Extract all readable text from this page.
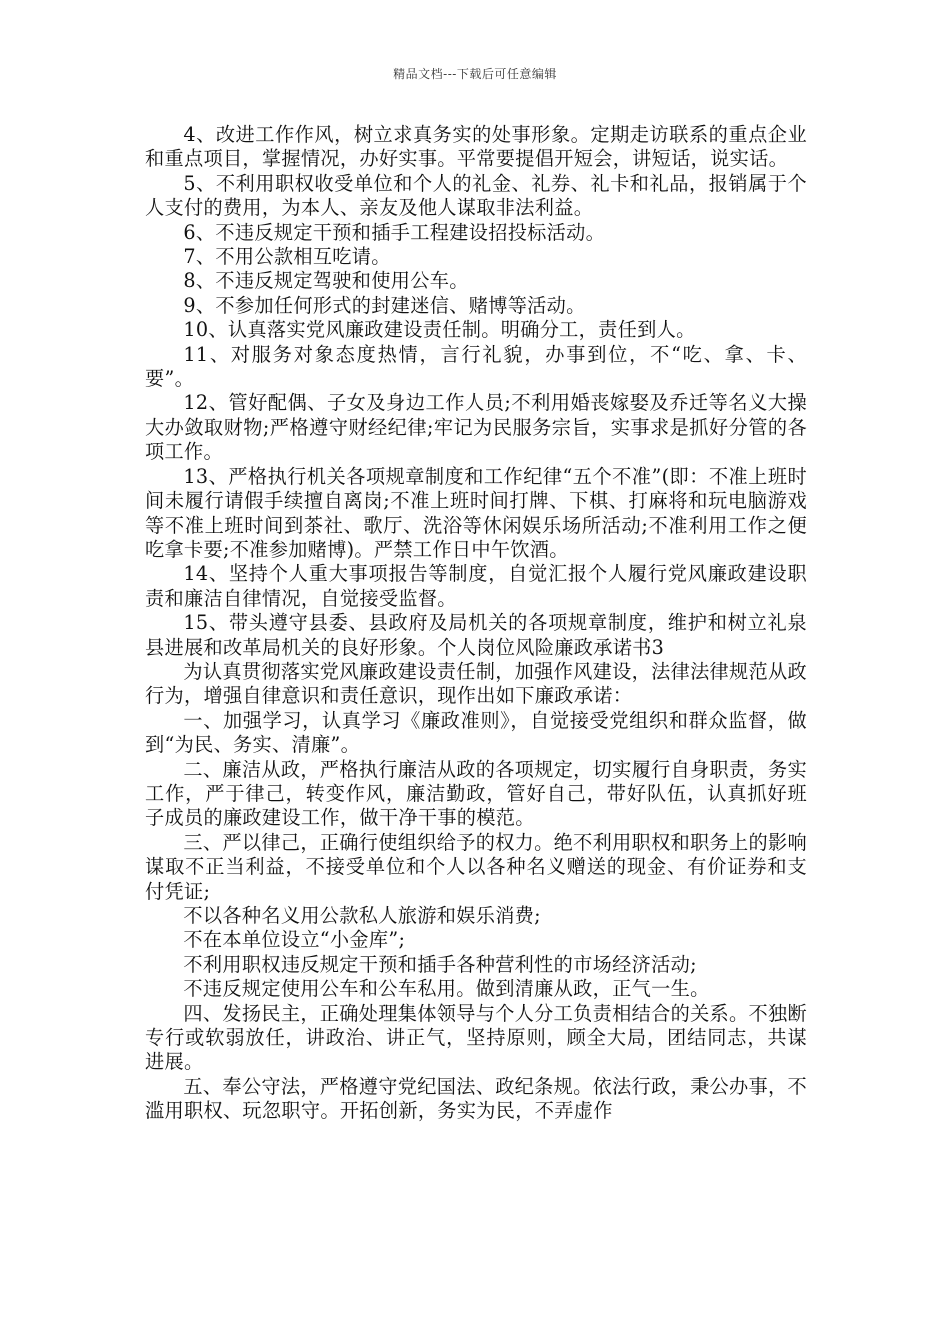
精品文档---下载后可任意编辑

4、改进工作作风，树立求真务实的处事形象。定期走访联系的重点企业和重点项目，掌握情况，办好实事。平常要提倡开短会，讲短话，说实话。

5、不利用职权收受单位和个人的礼金、礼券、礼卡和礼品，报销属于个人支付的费用，为本人、亲友及他人谋取非法利益。

6、不违反规定干预和插手工程建设招投标活动。

7、不用公款相互吃请。

8、不违反规定驾驶和使用公车。

9、不参加任何形式的封建迷信、赌博等活动。

10、认真落实党风廉政建设责任制。明确分工，责任到人。

11、对服务对象态度热情，言行礼貌，办事到位，不“吃、拿、卡、要”。

12、管好配偶、子女及身边工作人员;不利用婚丧嫁娶及乔迁等名义大操大办敛取财物;严格遵守财经纪律;牢记为民服务宗旨，实事求是抓好分管的各项工作。

13、严格执行机关各项规章制度和工作纪律“五个不准”(即：不准上班时间未履行请假手续擅自离岗;不准上班时间打牌、下棋、打麻将和玩电脑游戏等不准上班时间到茶社、歌厅、洗浴等休闲娱乐场所活动;不准利用工作之便吃拿卡要;不准参加赌博)。严禁工作日中午饮酒。

14、坚持个人重大事项报告等制度，自觉汇报个人履行党风廉政建设职责和廉洁自律情况，自觉接受监督。

15、带头遵守县委、县政府及局机关的各项规章制度，维护和树立礼泉县进展和改革局机关的良好形象。个人岗位风险廉政承诺书3

为认真贯彻落实党风廉政建设责任制，加强作风建设，法律法律规范从政行为，增强自律意识和责任意识，现作出如下廉政承诺：

一、加强学习，认真学习《廉政准则》，自觉接受党组织和群众监督，做到“为民、务实、清廉”。

二、廉洁从政，严格执行廉洁从政的各项规定，切实履行自身职责，务实工作，严于律己，转变作风，廉洁勤政，管好自己，带好队伍，认真抓好班子成员的廉政建设工作，做干净干事的模范。

三、严以律己，正确行使组织给予的权力。绝不利用职权和职务上的影响谋取不正当利益，不接受单位和个人以各种名义赠送的现金、有价证券和支付凭证;

不以各种名义用公款私人旅游和娱乐消费;

不在本单位设立“小金库”;

不利用职权违反规定干预和插手各种营利性的市场经济活动;

不违反规定使用公车和公车私用。做到清廉从政，正气一生。

四、发扬民主，正确处理集体领导与个人分工负责相结合的关系。不独断专行或软弱放任，讲政治、讲正气，坚持原则，顾全大局，团结同志，共谋进展。

五、奉公守法，严格遵守党纪国法、政纪条规。依法行政，秉公办事，不滥用职权、玩忽职守。开拓创新，务实为民，不弄虚作
